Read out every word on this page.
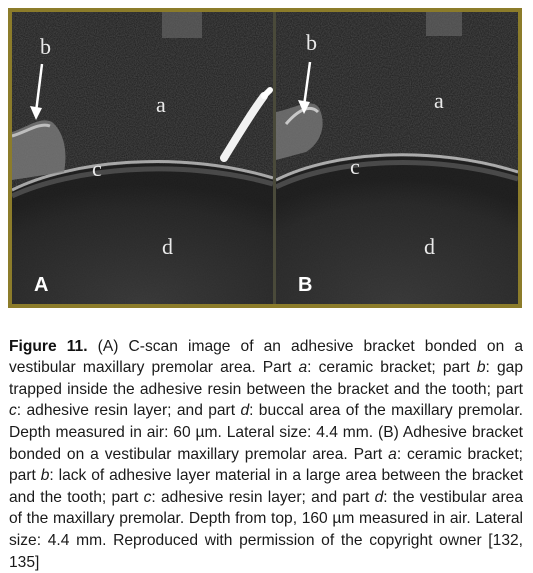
b
a
c
d
A
b
a
c
d
B

Figure 11. (A) C-scan image of an adhesive bracket bonded on a vestibular maxillary premolar area. Part a: ceramic bracket; part b: gap trapped inside the adhesive resin between the bracket and the tooth; part c: adhesive resin layer; and part d: buccal area of the maxillary premolar. Depth measured in air: 60 µm. Lateral size: 4.4 mm. (B) Adhesive bracket bonded on a vestibular maxillary premolar area. Part a: ceramic bracket; part b: lack of adhesive layer material in a large area between the bracket and the tooth; part c: adhesive resin layer; and part d: the vestibular area of the maxillary premolar. Depth from top, 160 µm measured in air. Lateral size: 4.4 mm. Reproduced with permission of the copyright owner [132, 135]
